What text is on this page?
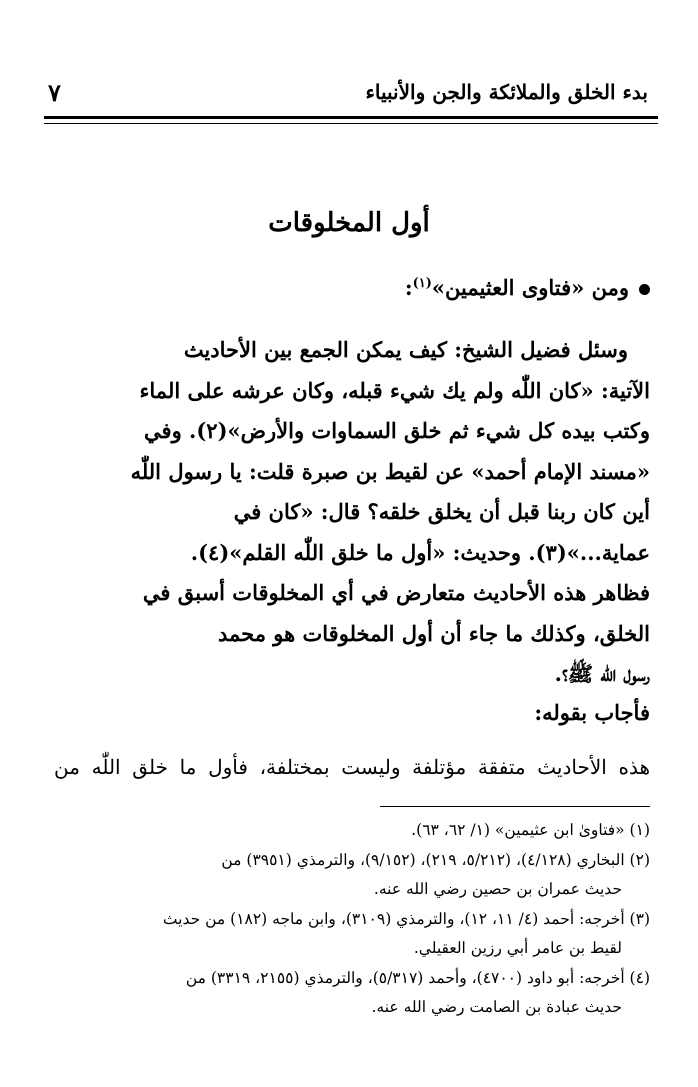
بدء الخلق والملائكة والجن والأنبياء
٧
أول المخلوقات
ومن «فتاوى العثيمين»$^{(١)}$:
وسئل فضيل الشيخ: كيف يمكن الجمع بين الأحاديث
الآتية: «كان اللّٰه ولم يك شيء قبله، وكان عرشه على الماء
وكتب بيده كل شيء ثم خلق السماوات والأرض»(٢). وفي
«مسند الإمام أحمد» عن لقيط بن صبرة قلت: يا رسول اللّٰه
أين كان ربنا قبل أن يخلق خلقه؟ قال: «كان في
عماية...»(٣). وحديث: «أول ما خلق اللّٰه القلم»(٤).
فظاهر هذه الأحاديث متعارض في أي المخلوقات أسبق في
الخلق، وكذلك ما جاء أن أول المخلوقات هو محمد
رسول اللّٰه ﷺ؟.
فأجاب بقوله:
هذه الأحاديث متفقة مؤتلفة وليست بمختلفة، فأول ما خلق اللّٰه من
(١) «فتاوىٰ ابن عثيمين» (١/ ٦٢، ٦٣).
(٢) البخاري (٤/١٢٨)، (٥/٢١٢، ٢١٩)، (٩/١٥٢)، والترمذي (٣٩٥١) من
حديث عمران بن حصين رضي الله عنه.
(٣) أخرجه: أحمد (٤/ ١١، ١٢)، والترمذي (٣١٠٩)، وابن ماجه (١٨٢) من حديث
لقيط بن عامر أبي رزين العقيلي.
(٤) أخرجه: أبو داود (٤٧٠٠)، وأحمد (٥/٣١٧)، والترمذي (٢١٥٥، ٣٣١٩) من
حديث عبادة بن الصامت رضي الله عنه.
